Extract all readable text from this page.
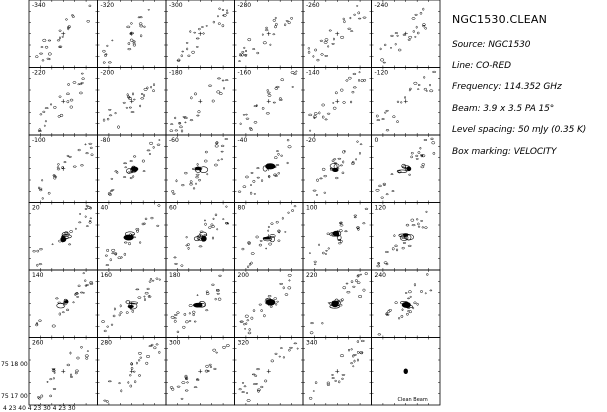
-340	-320	-300	-280	-260	-240
-220	-200	-180	-160	-140	-120
-100	-80	-60	-40	-20	0
20	40	60	80	100	120
140	160	180	200	220	240
260	280	300	320	340
Clean Beam
75 18 00
75 17 00
4 23 40 4 23 30 4 23 30
NGC1530.CLEAN
Source: NGC1530
Line: CO-RED
Frequency: 114.352 GHz
Beam: 3.9 x 3.5 PA 15°
Level spacing: 50 mJy (0.35 K)
Box marking: VELOCITY
